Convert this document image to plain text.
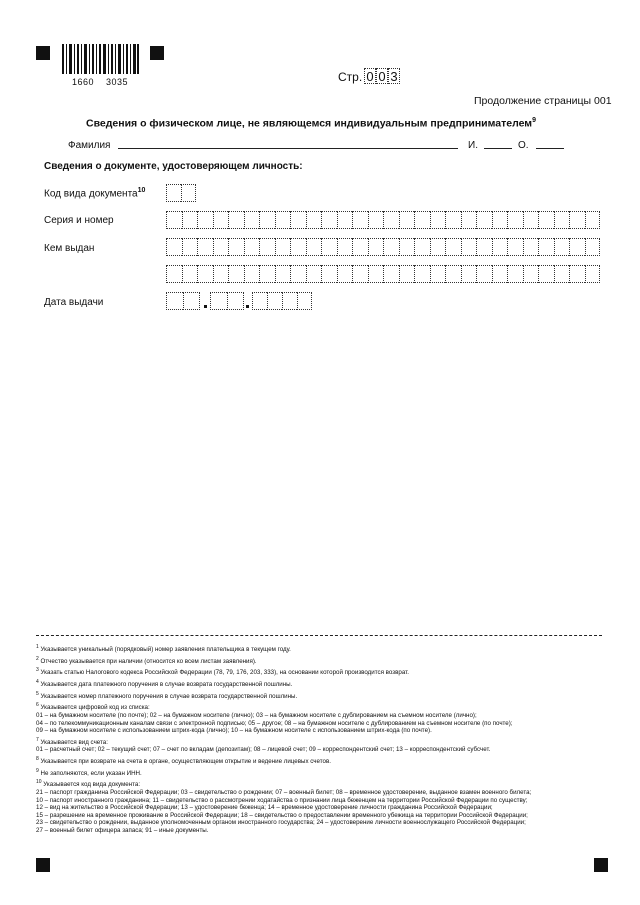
1660 3035	Стр. 0 0 3
Продолжение страницы 001
Сведения о физическом лице, не являющемся индивидуальным предпринимателем$^9$
Фамилия	И.	О.
Сведения о документе, удостоверяющем личность:
Код вида документа$^{10}$
Серия и номер
Кем выдан
Дата выдачи
$^1$ Указывается уникальный (порядковый) номер заявления плательщика в текущем году.
$^2$ Отчество указывается при наличии (относится ко всем листам заявления).
$^3$ Указать статью Налогового кодекса Российской Федерации (78, 79, 176, 203, 333), на основании которой производится возврат.
$^4$ Указывается дата платежного поручения в случае возврата государственной пошлины.
$^5$ Указывается номер платежного поручения в случае возврата государственной пошлины.
$^6$ Указывается цифровой код из списка:
01 – на бумажном носителе (по почте); 02 – на бумажном носителе (лично); 03 – на бумажном носителе с дублированием на съемном носителе (лично);
04 – по телекоммуникационным каналам связи с электронной подписью; 05 – другое; 08 – на бумажном носителе с дублированием на съемном носителе (по почте);
09 – на бумажном носителе с использованием штрих-кода (лично); 10 – на бумажном носителе с использованием штрих-кода (по почте).
$^7$ Указывается вид счета:
01 – расчетный счет; 02 – текущий счет; 07 – счет по вкладам (депозитам); 08 – лицевой счет; 09 – корреспондентский счет; 13 – корреспондентский субсчет.
$^8$ Указывается при возврате на счета в органе, осуществляющем открытие и ведение лицевых счетов.
$^9$ Не заполняются, если указан ИНН.
$^{10}$ Указывается код вида документа:
21 – паспорт гражданина Российской Федерации; 03 – свидетельство о рождении; 07 – военный билет; 08 – временное удостоверение, выданное взамен военного билета;
10 – паспорт иностранного гражданина; 11 – свидетельство о рассмотрении ходатайства о признании лица беженцем на территории Российской Федерации по существу;
12 – вид на жительство в Российской Федерации; 13 – удостоверение беженца; 14 – временное удостоверение личности гражданина Российской Федерации;
15 – разрешение на временное проживание в Российской Федерации; 18 – свидетельство о предоставлении временного убежища на территории Российской Федерации;
23 – свидетельство о рождении, выданное уполномоченным органом иностранного государства; 24 – удостоверение личности военнослужащего Российской Федерации;
27 – военный билет офицера запаса; 91 – иные документы.
